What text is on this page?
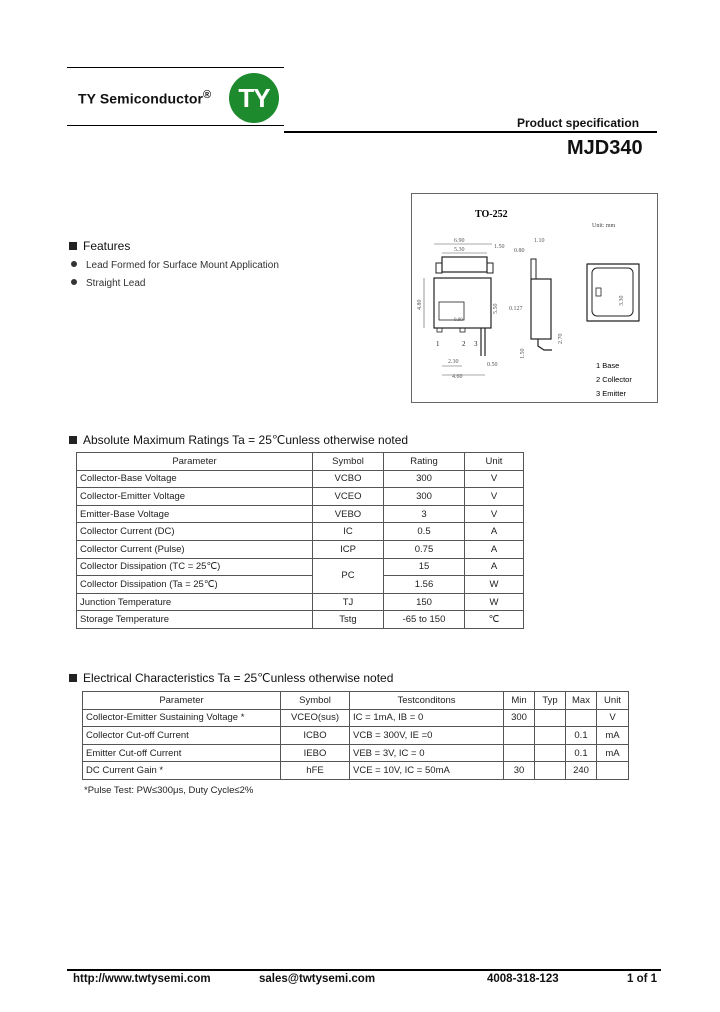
TY Semiconductor®	TY
Product specification
MJD340
Features
Lead Formed for Surface Mount Application
Straight Lead
TO-252
Unit: mm
6.90
5.30	1.50
0.80
1.10
0.80
1	2 3
4.80	5.50
2.30
4.60
0.50
0.127
1.50
2.70
3.30
1 Base
2 Collector
3 Emitter
Absolute Maximum Ratings Ta = 25℃unless otherwise noted
Parameter	Symbol	Rating	Unit
Collector-Base Voltage	VCBO	300	V
Collector-Emitter Voltage	VCEO	300	V
Emitter-Base Voltage	VEBO	3	V
Collector Current (DC)	IC	0.5	A
Collector Current (Pulse)	ICP	0.75	A
Collector Dissipation (TC = 25℃)	PC	15	A
Collector Dissipation (Ta = 25℃)		1.56	W
Junction Temperature	TJ	150	W
Storage Temperature	Tstg	-65 to 150	℃
Electrical Characteristics Ta = 25℃unless otherwise noted
Parameter	Symbol	Testconditons	Min	Typ	Max	Unit
Collector-Emitter Sustaining Voltage *	VCEO(sus)	IC = 1mA, IB = 0	300			V
Collector Cut-off Current	ICBO	VCB = 300V, IE =0			0.1	mA
Emitter Cut-off Current	IEBO	VEB = 3V, IC = 0			0.1	mA
DC Current Gain *	hFE	VCE = 10V, IC = 50mA	30		240	
*Pulse Test: PW≤300μs, Duty Cycle≤2%
http://www.twtysemi.com	sales@twtysemi.com	4008-318-123	1 of 1
